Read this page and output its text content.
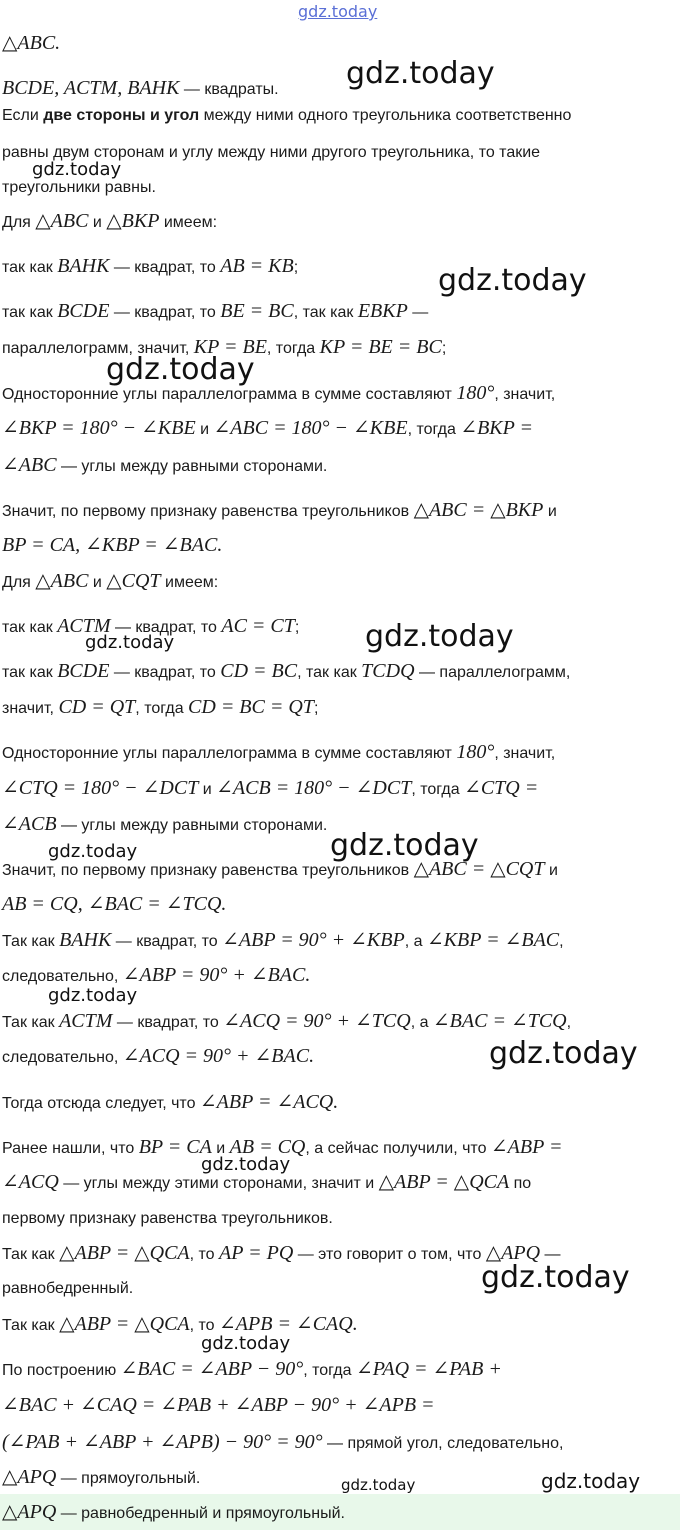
gdz.today
△ABC.
BCDE, ACTM, BAHK — квадраты.
Если две стороны и угол между ними одного треугольника соответственно
равны двум сторонам и углу между ними другого треугольника, то такие
треугольники равны.
Для △ABC и △BKP имеем:
так как BAHK — квадрат, то AB = KB;
так как BCDE — квадрат, то BE = BC, так как EBKP —
параллелограмм, значит, KP = BE, тогда KP = BE = BC;
Односторонние углы параллелограмма в сумме составляют 180°, значит,
∠BKP = 180° − ∠KBE и ∠ABC = 180° − ∠KBE, тогда ∠BKP =
∠ABC — углы между равными сторонами.
Значит, по первому признаку равенства треугольников △ABC = △BKP и
BP = CA, ∠KBP = ∠BAC.
Для △ABC и △CQT имеем:
так как ACTM — квадрат, то AC = CT;
так как BCDE — квадрат, то CD = BC, так как TCDQ — параллелограмм,
значит, CD = QT, тогда CD = BC = QT;
Односторонние углы параллелограмма в сумме составляют 180°, значит,
∠CTQ = 180° − ∠DCT и ∠ACB = 180° − ∠DCT, тогда ∠CTQ =
∠ACB — углы между равными сторонами.
Значит, по первому признаку равенства треугольников △ABC = △CQT и
AB = CQ, ∠BAC = ∠TCQ.
Так как BAHK — квадрат, то ∠ABP = 90° + ∠KBP, а ∠KBP = ∠BAC,
следовательно, ∠ABP = 90° + ∠BAC.
Так как ACTM — квадрат, то ∠ACQ = 90° + ∠TCQ, а ∠BAC = ∠TCQ,
следовательно, ∠ACQ = 90° + ∠BAC.
Тогда отсюда следует, что ∠ABP = ∠ACQ.
Ранее нашли, что BP = CA и AB = CQ, а сейчас получили, что ∠ABP =
∠ACQ — углы между этими сторонами, значит и △ABP = △QCA по
первому признаку равенства треугольников.
Так как △ABP = △QCA, то AP = PQ — это говорит о том, что △APQ —
равнобедренный.
Так как △ABP = △QCA, то ∠APB = ∠CAQ.
По построению ∠BAC = ∠ABP − 90°, тогда ∠PAQ = ∠PAB +
∠BAC + ∠CAQ = ∠PAB + ∠ABP − 90° + ∠APB =
(∠PAB + ∠ABP + ∠APB) − 90° = 90° — прямой угол, следовательно,
△APQ — прямоугольный.
△APQ — равнобедренный и прямоугольный.
gdz.today
gdz.today
gdz.today
gdz.today
gdz.today	gdz.today
gdz.today	gdz.today
gdz.today
gdz.today
gdz.today
gdz.today
gdz.today
gdz.today	gdz.today
